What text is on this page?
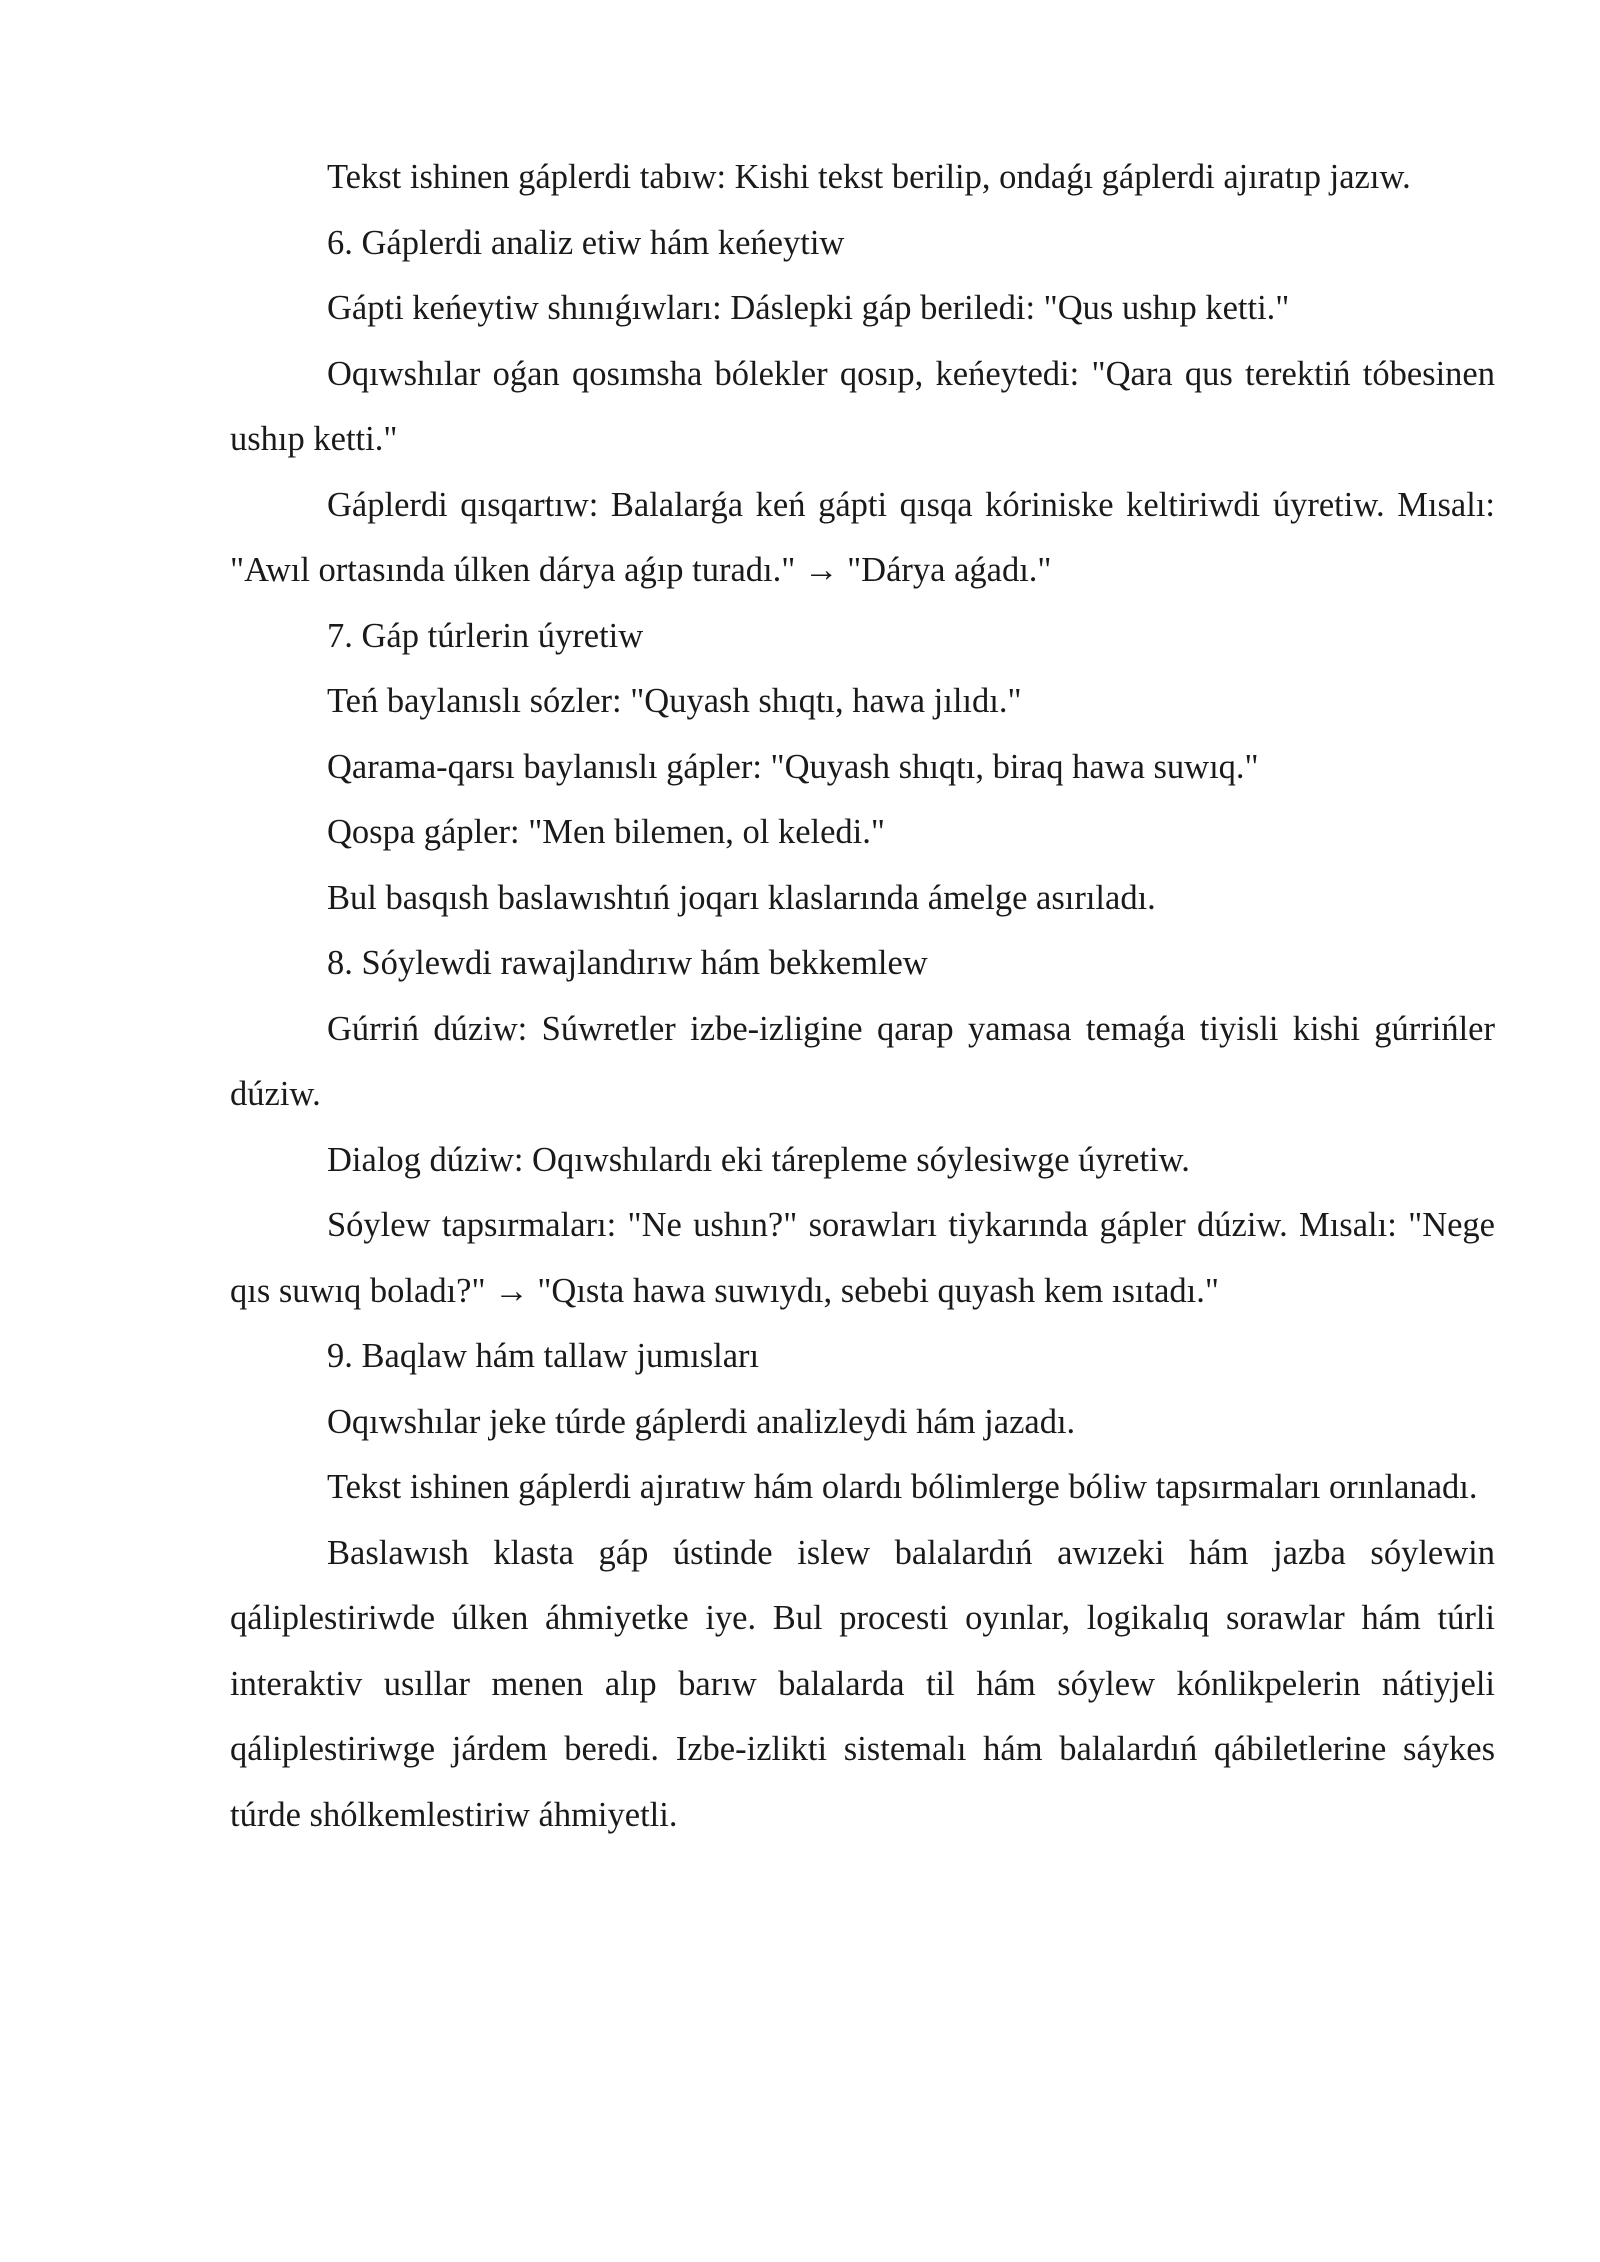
Tekst ishinen gáplerdi tabıw: Kishi tekst berilip, ondaǵı gáplerdi ajıratıp jazıw.

6. Gáplerdi analiz etiw hám keńeytiw

Gápti keńeytiw shınıǵıwları: Dáslepki gáp beriledi: "Qus ushıp ketti."

Oqıwshılar oǵan qosımsha bólekler qosıp, keńeytedi: "Qara qus terektiń tóbesinen ushıp ketti."

Gáplerdi qısqartıw: Balalarǵa keń gápti qısqa kóriniske keltiriwdi úyretiw. Mısalı: "Awıl ortasında úlken dárya aǵıp turadı." → "Dárya aǵadı."

7. Gáp túrlerin úyretiw

Teń baylanıslı sózler: "Quyash shıqtı, hawa jılıdı."

Qarama-qarsı baylanıslı gápler: "Quyash shıqtı, biraq hawa suwıq."

Qospa gápler: "Men bilemen, ol keledi."

Bul basqısh baslawıshtıń joqarı klaslarında ámelge asırıladı.

8. Sóylewdi rawajlandırıw hám bekkemlew

Gúrriń dúziw: Súwretler izbe-izligine qarap yamasa temaǵa tiyisli kishi gúrrińler dúziw.

Dialog dúziw: Oqıwshılardı eki tárepleme sóylesiwge úyretiw.

Sóylew tapsırmaları: "Ne ushın?" sorawları tiykarında gápler dúziw. Mısalı: "Nege qıs suwıq boladı?" → "Qısta hawa suwıydı, sebebi quyash kem ısıtadı."

9. Baqlaw hám tallaw jumısları

Oqıwshılar jeke túrde gáplerdi analizleydi hám jazadı.

Tekst ishinen gáplerdi ajıratıw hám olardı bólimlerge bóliw tapsırmaları orınlanadı.

Baslawısh klasta gáp ústinde islew balalardıń awızeki hám jazba sóylewin qáliplestiriwde úlken áhmiyetke iye. Bul procesti oyınlar, logikalıq sorawlar hám túrli interaktiv usıllar menen alıp barıw balalarda til hám sóylew kónlikpelerin nátiyjeli qáliplestiriwge járdem beredi. Izbe-izlikti sistemalı hám balalardıń qábiletlerine sáykes túrde shólkemlestiriw áhmiyetli.
